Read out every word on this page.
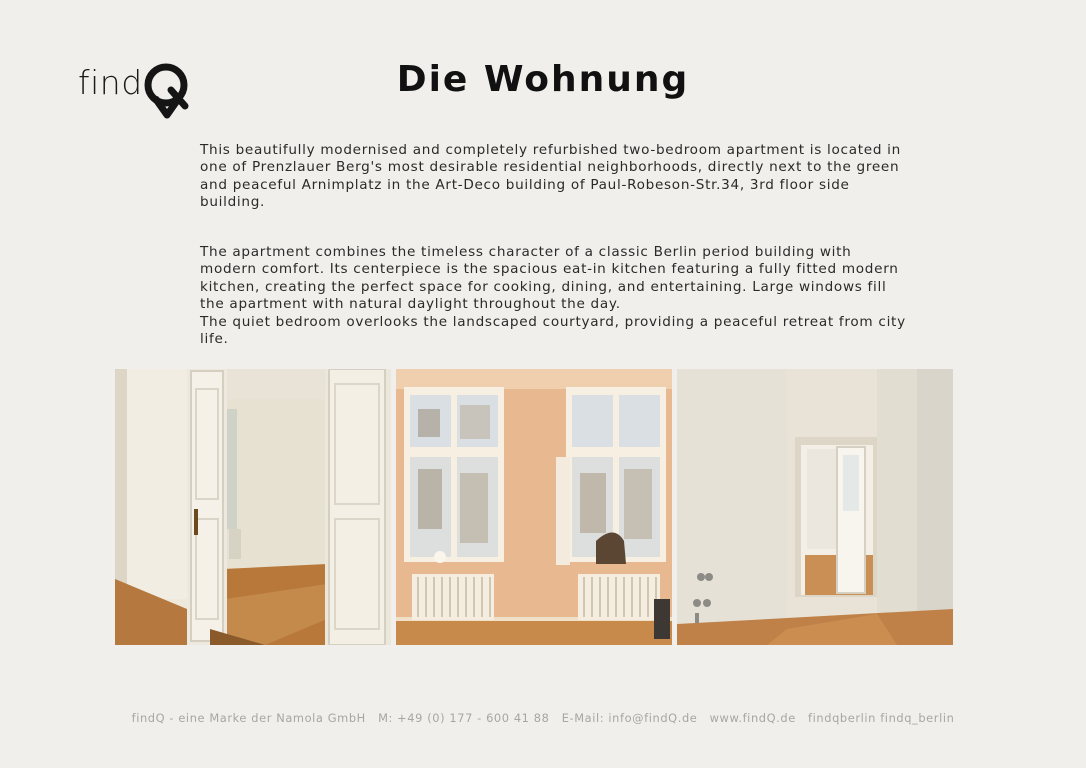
find	Die Wohnung

This beautifully modernised and completely refurbished two-bedroom apartment is located in one of Prenzlauer Berg's most desirable residential neighborhoods, directly next to the green and peaceful Arnimplatz in the Art-Deco building of Paul-Robeson-Str.34, 3rd floor side building.

The apartment combines the timeless character of a classic Berlin period building with modern comfort. Its centerpiece is the spacious eat-in kitchen featuring a fully fitted modern kitchen, creating the perfect space for cooking, dining, and entertaining. Large windows fill the apartment with natural daylight throughout the day.

The quiet bedroom overlooks the landscaped courtyard, providing a peaceful retreat from city life.

findQ - eine Marke der Namola GmbH M: +49 (0) 177 - 600 41 88 E-Mail: info@findQ.de www.findQ.de findqberlin findq_berlin
